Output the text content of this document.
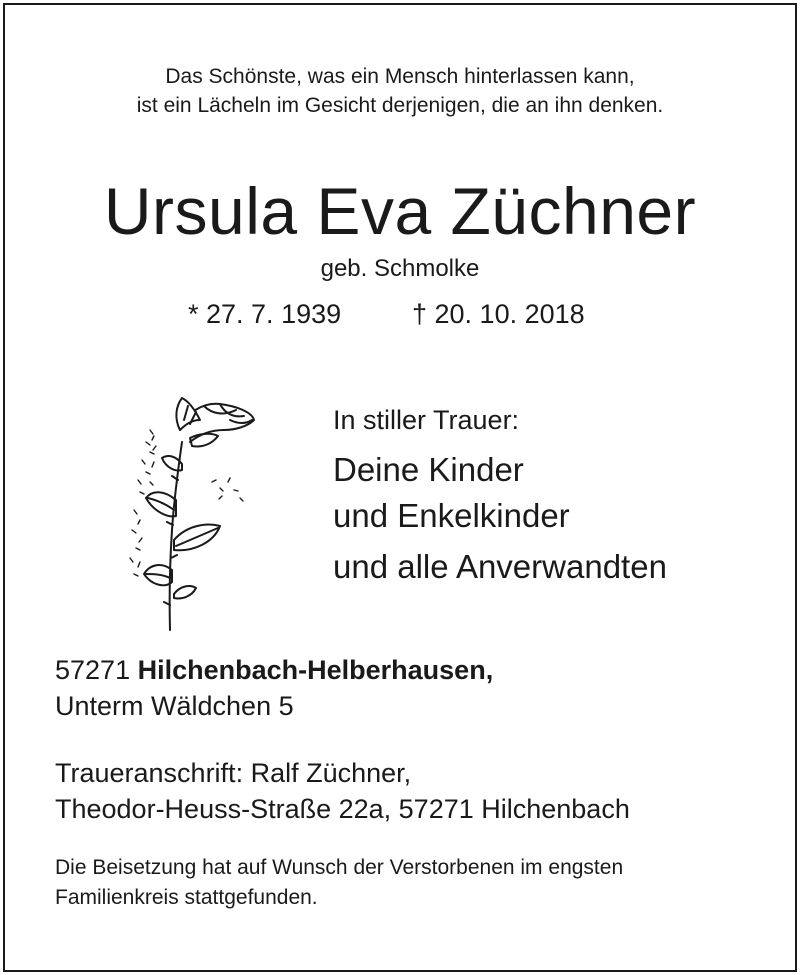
Das Schönste, was ein Mensch hinterlassen kann,
ist ein Lächeln im Gesicht derjenigen, die an ihn denken.
Ursula Eva Züchner
geb. Schmolke
* 27. 7. 1939	† 20. 10. 2018
In stiller Trauer:
Deine Kinder
und Enkelkinder
und alle Anverwandten
57271 Hilchenbach-Helberhausen,
Unterm Wäldchen 5
Traueranschrift: Ralf Züchner,
Theodor-Heuss-Straße 22a, 57271 Hilchenbach
Die Beisetzung hat auf Wunsch der Verstorbenen im engsten
Familienkreis stattgefunden.
